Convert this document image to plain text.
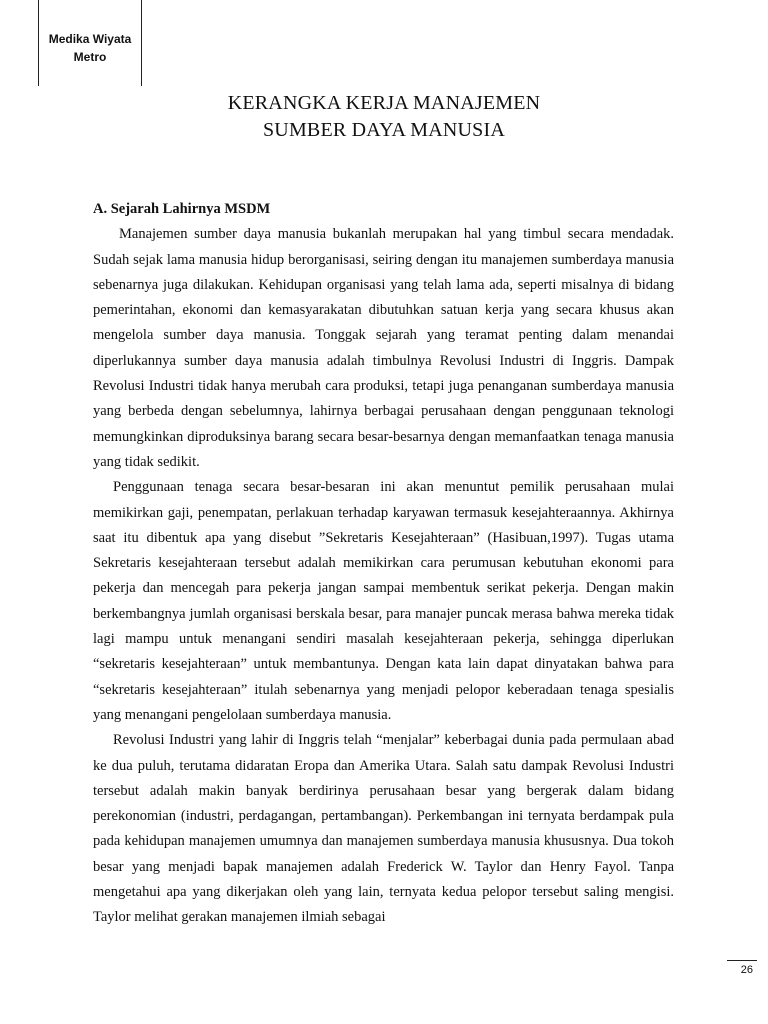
Medika Wiyata
Metro
KERANGKA KERJA MANAJEMEN
SUMBER DAYA MANUSIA

A. Sejarah Lahirnya MSDM

Manajemen sumber daya manusia bukanlah merupakan hal yang timbul secara mendadak. Sudah sejak lama manusia hidup berorganisasi, seiring dengan itu manajemen sumberdaya manusia sebenarnya juga dilakukan. Kehidupan organisasi yang telah lama ada, seperti misalnya di bidang pemerintahan, ekonomi dan kemasyarakatan dibutuhkan satuan kerja yang secara khusus akan mengelola sumber daya manusia. Tonggak sejarah yang teramat penting dalam menandai diperlukannya sumber daya manusia adalah timbulnya Revolusi Industri di Inggris. Dampak Revolusi Industri tidak hanya merubah cara produksi, tetapi juga penanganan sumberdaya manusia yang berbeda dengan sebelumnya, lahirnya berbagai perusahaan dengan penggunaan teknologi memungkinkan diproduksinya barang secara besar-besarnya dengan memanfaatkan tenaga manusia yang tidak sedikit.

Penggunaan tenaga secara besar-besaran ini akan menuntut pemilik perusahaan mulai memikirkan gaji, penempatan, perlakuan terhadap karyawan termasuk kesejahteraannya. Akhirnya saat itu dibentuk apa yang disebut ”Sekretaris Kesejahteraan” (Hasibuan,1997). Tugas utama Sekretaris kesejahteraan tersebut adalah memikirkan cara perumusan kebutuhan ekonomi para pekerja dan mencegah para pekerja jangan sampai membentuk serikat pekerja. Dengan makin berkembangnya jumlah organisasi berskala besar, para manajer puncak merasa bahwa mereka tidak lagi mampu untuk menangani sendiri masalah kesejahteraan pekerja, sehingga diperlukan “sekretaris kesejahteraan” untuk membantunya. Dengan kata lain dapat dinyatakan bahwa para “sekretaris kesejahteraan” itulah sebenarnya yang menjadi pelopor keberadaan tenaga spesialis yang menangani pengelolaan sumberdaya manusia.

Revolusi Industri yang lahir di Inggris telah “menjalar” keberbagai dunia pada permulaan abad ke dua puluh, terutama didaratan Eropa dan Amerika Utara. Salah satu dampak Revolusi Industri tersebut adalah makin banyak berdirinya perusahaan besar yang bergerak dalam bidang perekonomian (industri, perdagangan, pertambangan). Perkembangan ini ternyata berdampak pula pada kehidupan manajemen umumnya dan manajemen sumberdaya manusia khususnya. Dua tokoh besar yang menjadi bapak manajemen adalah Frederick W. Taylor dan Henry Fayol. Tanpa mengetahui apa yang dikerjakan oleh yang lain, ternyata kedua pelopor tersebut saling mengisi. Taylor melihat gerakan manajemen ilmiah sebagai

26
